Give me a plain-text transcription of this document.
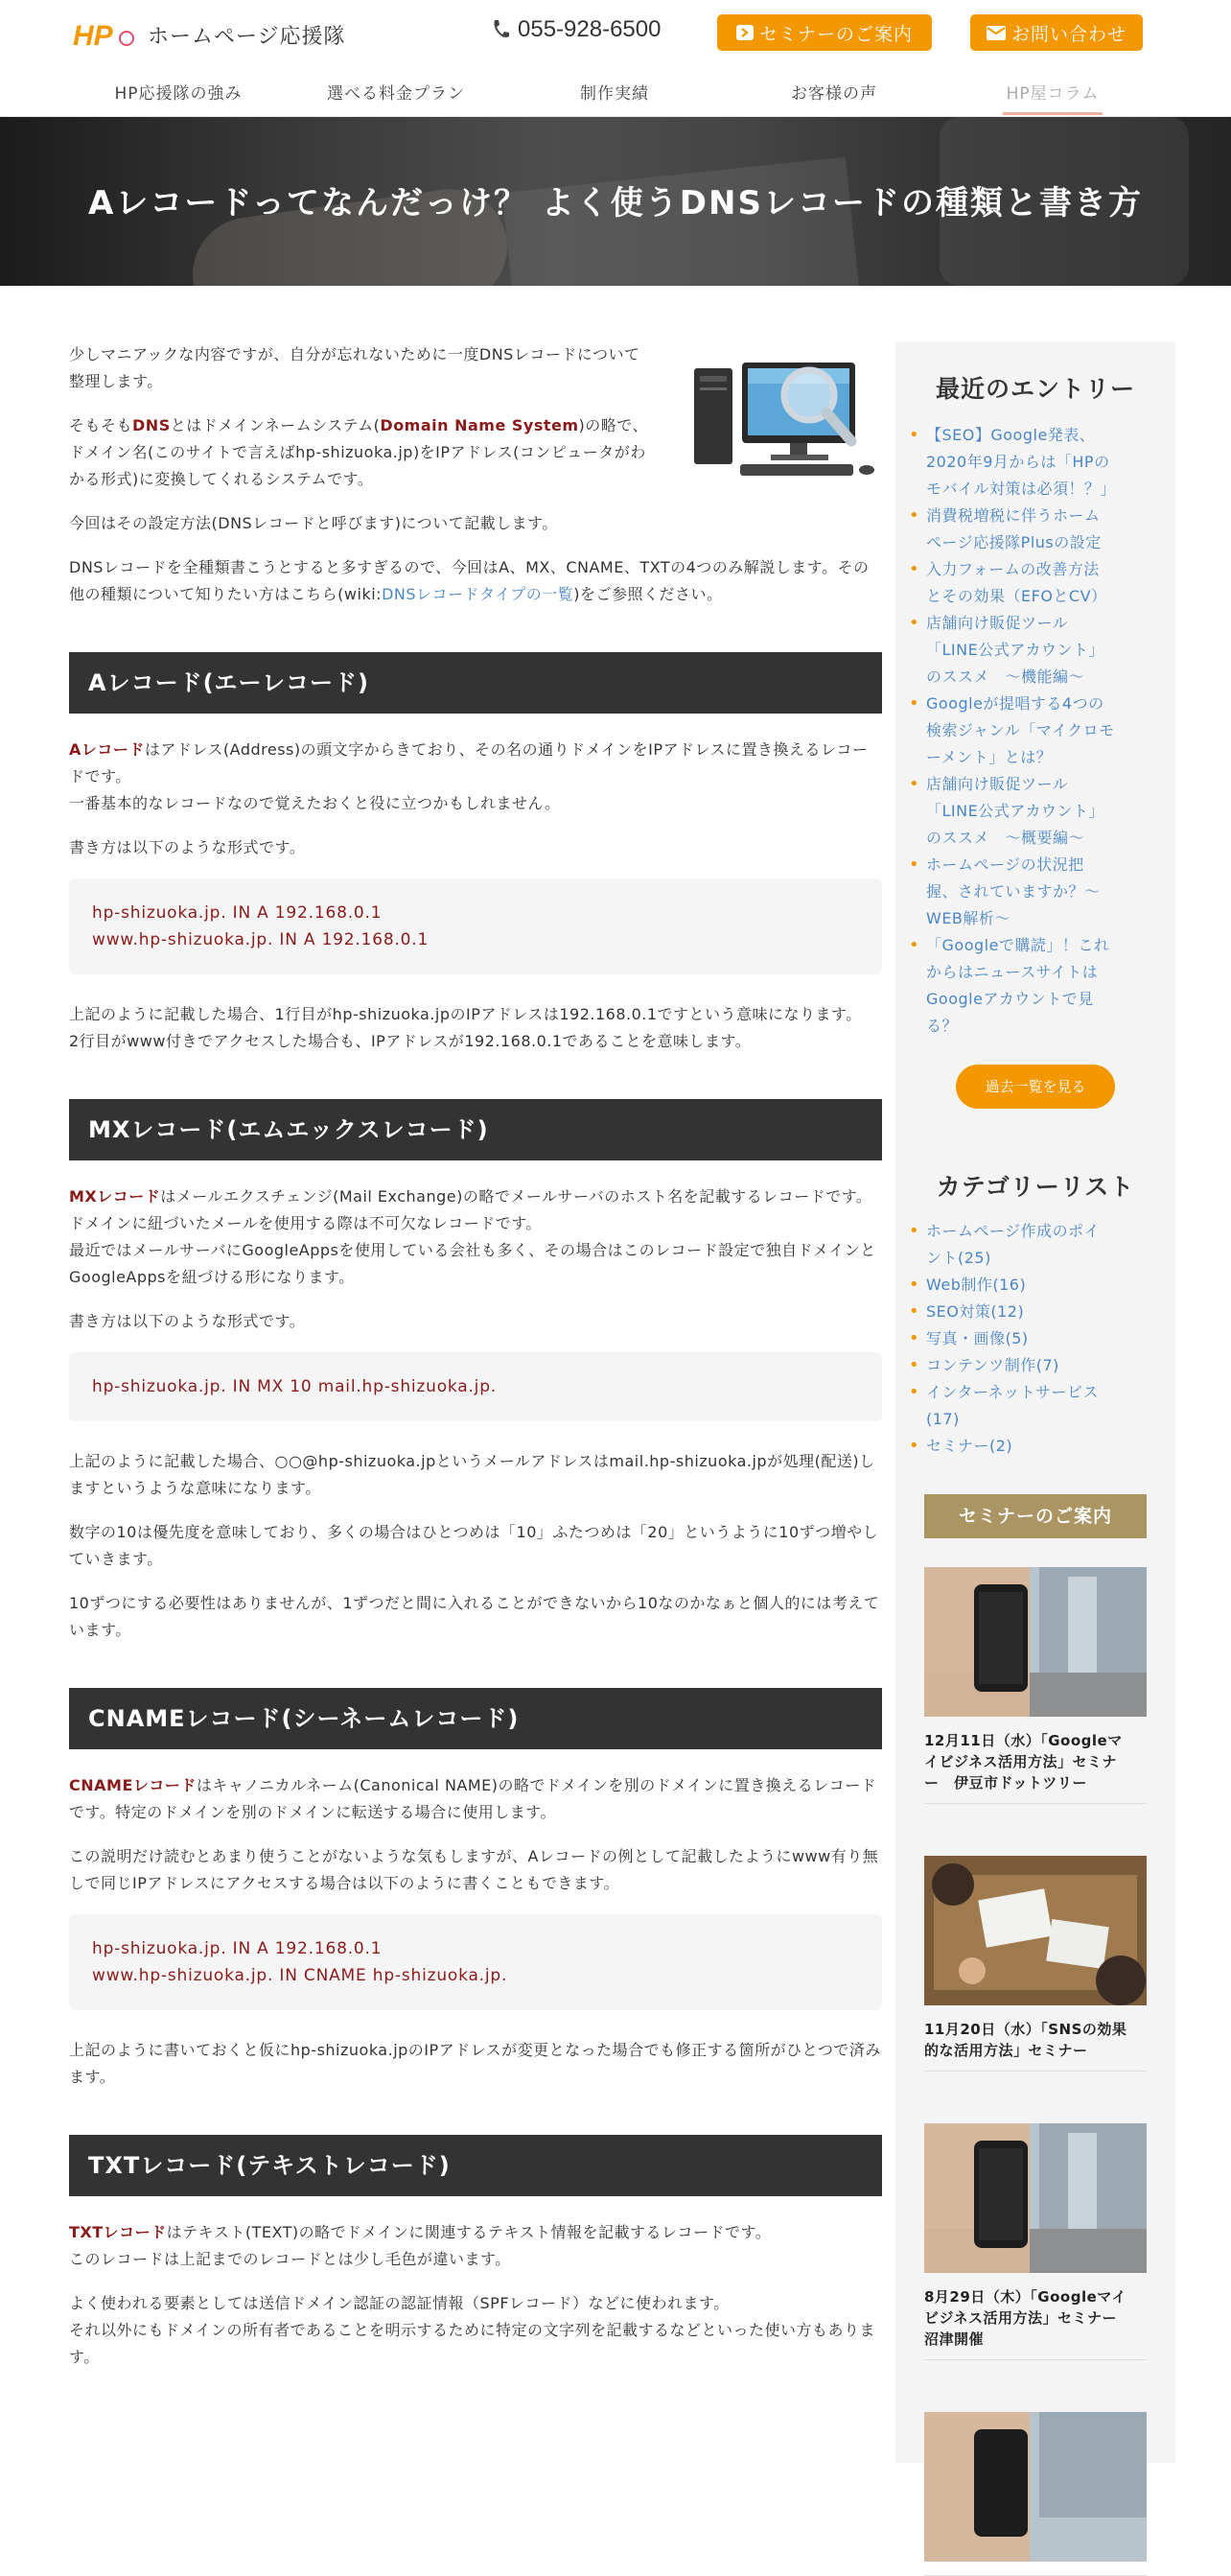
HP ホームページ応援隊	055-928-6500	セミナーのご案内	お問い合わせ
HP応援隊の強み	選べる料金プラン	制作実績	お客様の声	HP屋コラム
Aレコードってなんだっけ？ よく使うDNSレコードの種類と書き方

少しマニアックな内容ですが、自分が忘れないために一度DNSレコードについて整理します。

そもそもDNSとはドメインネームシステム(Domain Name System)の略で、
ドメイン名(このサイトで言えばhp-shizuoka.jp)をIPアドレス(コンピュータがわかる形式)に変換してくれるシステムです。

今回はその設定方法(DNSレコードと呼びます)について記載します。

DNSレコードを全種類書こうとすると多すぎるので、今回はA、MX、CNAME、TXTの4つのみ解説します。その他の種類について知りたい方はこちら(wiki:DNSレコードタイプの一覧)をご参照ください。

Aレコード(エーレコード)

Aレコードはアドレス(Address)の頭文字からきており、その名の通りドメインをIPアドレスに置き換えるレコードです。
一番基本的なレコードなので覚えたおくと役に立つかもしれません。

書き方は以下のような形式です。

hp-shizuoka.jp. IN A 192.168.0.1
www.hp-shizuoka.jp. IN A 192.168.0.1

上記のように記載した場合、1行目がhp-shizuoka.jpのIPアドレスは192.168.0.1ですという意味になります。
2行目がwww付きでアクセスした場合も、IPアドレスが192.168.0.1であることを意味します。

MXレコード(エムエックスレコード)

MXレコードはメールエクスチェンジ(Mail Exchange)の略でメールサーバのホスト名を記載するレコードです。
ドメインに紐づいたメールを使用する際は不可欠なレコードです。
最近ではメールサーバにGoogleAppsを使用している会社も多く、その場合はこのレコード設定で独自ドメインとGoogleAppsを紐づける形になります。

書き方は以下のような形式です。

hp-shizuoka.jp. IN MX 10 mail.hp-shizuoka.jp.

上記のように記載した場合、○○@hp-shizuoka.jpというメールアドレスはmail.hp-shizuoka.jpが処理(配送)しますというような意味になります。

数字の10は優先度を意味しており、多くの場合はひとつめは「10」ふたつめは「20」というように10ずつ増やしていきます。

10ずつにする必要性はありませんが、1ずつだと間に入れることができないから10なのかなぁと個人的には考えています。

CNAMEレコード(シーネームレコード)

CNAMEレコードはキャノニカルネーム(Canonical NAME)の略でドメインを別のドメインに置き換えるレコードです。特定のドメインを別のドメインに転送する場合に使用します。

この説明だけ読むとあまり使うことがないような気もしますが、Aレコードの例として記載したようにwww有り無しで同じIPアドレスにアクセスする場合は以下のように書くこともできます。

hp-shizuoka.jp. IN A 192.168.0.1
www.hp-shizuoka.jp. IN CNAME hp-shizuoka.jp.

上記のように書いておくと仮にhp-shizuoka.jpのIPアドレスが変更となった場合でも修正する箇所がひとつで済みます。

TXTレコード(テキストレコード)

TXTレコードはテキスト(TEXT)の略でドメインに関連するテキスト情報を記載するレコードです。
このレコードは上記までのレコードとは少し毛色が違います。

よく使われる要素としては送信ドメイン認証の認証情報（SPFレコード）などに使われます。
それ以外にもドメインの所有者であることを明示するために特定の文字列を記載するなどといった使い方もあります。

最近のエントリー
• 【SEO】Google発表、
2020年9月からは「HPの
モバイル対策は必須！？」
• 消費税増税に伴うホーム
ページ応援隊Plusの設定
• 入力フォームの改善方法
とその効果（EFOとCV）
• 店舗向け販促ツール
「LINE公式アカウント」
のススメ　～機能編～
• Googleが提唱する4つの
検索ジャンル「マイクロモ
ーメント」とは？
• 店舗向け販促ツール
「LINE公式アカウント」
のススメ　～概要編～
• ホームページの状況把
握、されていますか？～
WEB解析～
• 「Googleで購読」！これ
からはニュースサイトは
Googleアカウントで見
る？
過去一覧を見る
カテゴリーリスト
• ホームページ作成のポイ
ント(25)
• Web制作(16)
• SEO対策(12)
• 写真・画像(5)
• コンテンツ制作(7)
• インターネットサービス
(17)
• セミナー(2)
セミナーのご案内
12月11日（水）「Googleマ
イビジネス活用方法」セミナ
ー　伊豆市ドットツリー
11月20日（水）「SNSの効果
的な活用方法」セミナー
8月29日（木）「Googleマイ
ビジネス活用方法」セミナー
沼津開催
